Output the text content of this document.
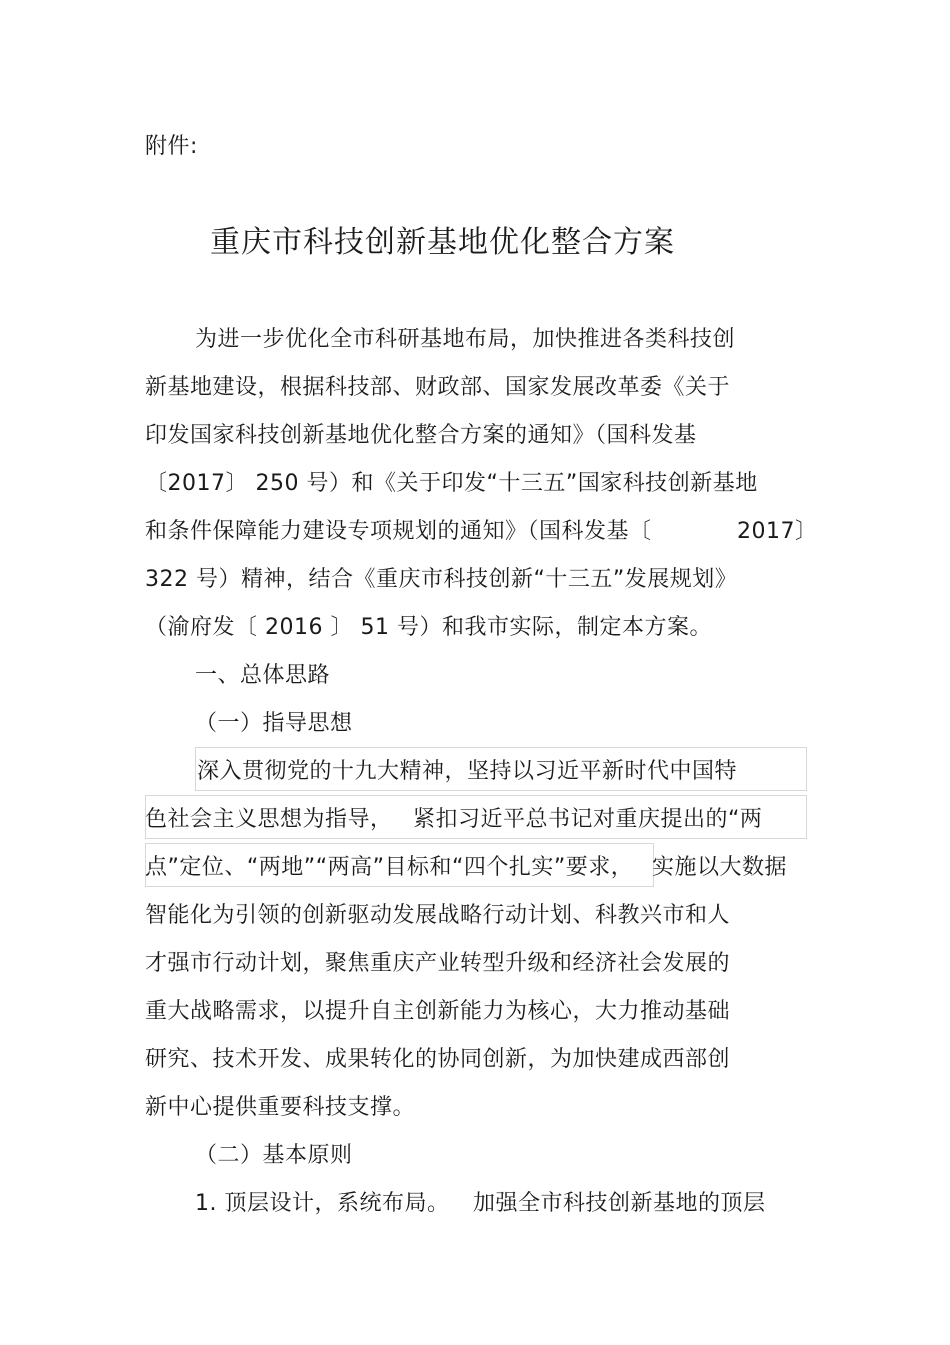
附件:
重庆市科技创新基地优化整合方案
为进一步优化全市科研基地布局，加快推进各类科技创
新基地建设，根据科技部、财政部、国家发展改革委《关于
印发国家科技创新基地优化整合方案的通知》（国科发基
〔2017〕 250 号）和《关于印发“十三五”国家科技创新基地
和条件保障能力建设专项规划的通知》（国科发基〔	2017〕
322 号）精神，结合《重庆市科技创新“十三五”发展规划》
（渝府发〔 2016 〕 51 号）和我市实际，制定本方案。
一、总体思路
（一）指导思想
深入贯彻党的十九大精神，坚持以习近平新时代中国特
色社会主义思想为指导， 紧扣习近平总书记对重庆提出的“两
点”定位、“两地”“两高”目标和“四个扎实”要求， 实施以大数据
智能化为引领的创新驱动发展战略行动计划、科教兴市和人
才强市行动计划，聚焦重庆产业转型升级和经济社会发展的
重大战略需求，以提升自主创新能力为核心，大力推动基础
研究、技术开发、成果转化的协同创新，为加快建成西部创
新中心提供重要科技支撑。
（二）基本原则
1. 顶层设计，系统布局。 加强全市科技创新基地的顶层
